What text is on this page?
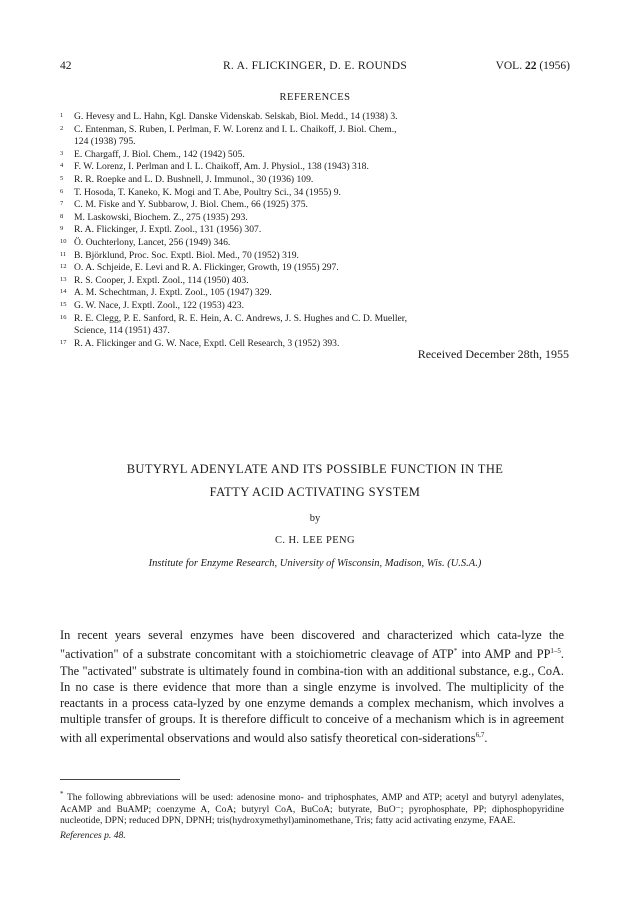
42	R. A. FLICKINGER, D. E. ROUNDS	VOL. 22 (1956)
REFERENCES
1 G. Hevesy and L. Hahn, Kgl. Danske Videnskab. Selskab, Biol. Medd., 14 (1938) 3.
2 C. Entenman, S. Ruben, I. Perlman, F. W. Lorenz and I. L. Chaikoff, J. Biol. Chem.,
124 (1938) 795.
3 E. Chargaff, J. Biol. Chem., 142 (1942) 505.
4 F. W. Lorenz, I. Perlman and I. L. Chaikoff, Am. J. Physiol., 138 (1943) 318.
5 R. R. Roepke and L. D. Bushnell, J. Immunol., 30 (1936) 109.
6 T. Hosoda, T. Kaneko, K. Mogi and T. Abe, Poultry Sci., 34 (1955) 9.
7 C. M. Fiske and Y. Subbarow, J. Biol. Chem., 66 (1925) 375.
8 M. Laskowski, Biochem. Z., 275 (1935) 293.
9 R. A. Flickinger, J. Exptl. Zool., 131 (1956) 307.
10 Ö. Ouchterlony, Lancet, 256 (1949) 346.
11 B. Björklund, Proc. Soc. Exptl. Biol. Med., 70 (1952) 319.
12 O. A. Schjeide, E. Levi and R. A. Flickinger, Growth, 19 (1955) 297.
13 R. S. Cooper, J. Exptl. Zool., 114 (1950) 403.
14 A. M. Schechtman, J. Exptl. Zool., 105 (1947) 329.
15 G. W. Nace, J. Exptl. Zool., 122 (1953) 423.
16 R. E. Clegg, P. E. Sanford, R. E. Hein, A. C. Andrews, J. S. Hughes and C. D. Mueller,
Science, 114 (1951) 437.
17 R. A. Flickinger and G. W. Nace, Exptl. Cell Research, 3 (1952) 393.
Received December 28th, 1955
BUTYRYL ADENYLATE AND ITS POSSIBLE FUNCTION IN THE
FATTY ACID ACTIVATING SYSTEM
by
C. H. LEE PENG
Institute for Enzyme Research, University of Wisconsin, Madison, Wis. (U.S.A.)

In recent years several enzymes have been discovered and characterized which cata-lyze the "activation" of a substrate concomitant with a stoichiometric cleavage of ATP* into AMP and PP$^{1-5}$. The "activated" substrate is ultimately found in combina-tion with an additional substance, e.g., CoA. In no case is there evidence that more than a single enzyme is involved. The multiplicity of the reactants in a process cata-lyzed by one enzyme demands a complex mechanism, which involves a multiple transfer of groups. It is therefore difficult to conceive of a mechanism which is in agreement with all experimental observations and would also satisfy theoretical con-siderations$^{6,7}$.

* The following abbreviations will be used: adenosine mono- and triphosphates, AMP and ATP; acetyl and butyryl adenylates, AcAMP and BuAMP; coenzyme A, CoA; butyryl CoA, BuCoA; butyrate, BuO⁻; pyrophosphate, PP; diphosphopyridine nucleotide, DPN; reduced DPN, DPNH; tris(hydroxymethyl)aminomethane, Tris; fatty acid activating enzyme, FAAE.

References p. 48.
